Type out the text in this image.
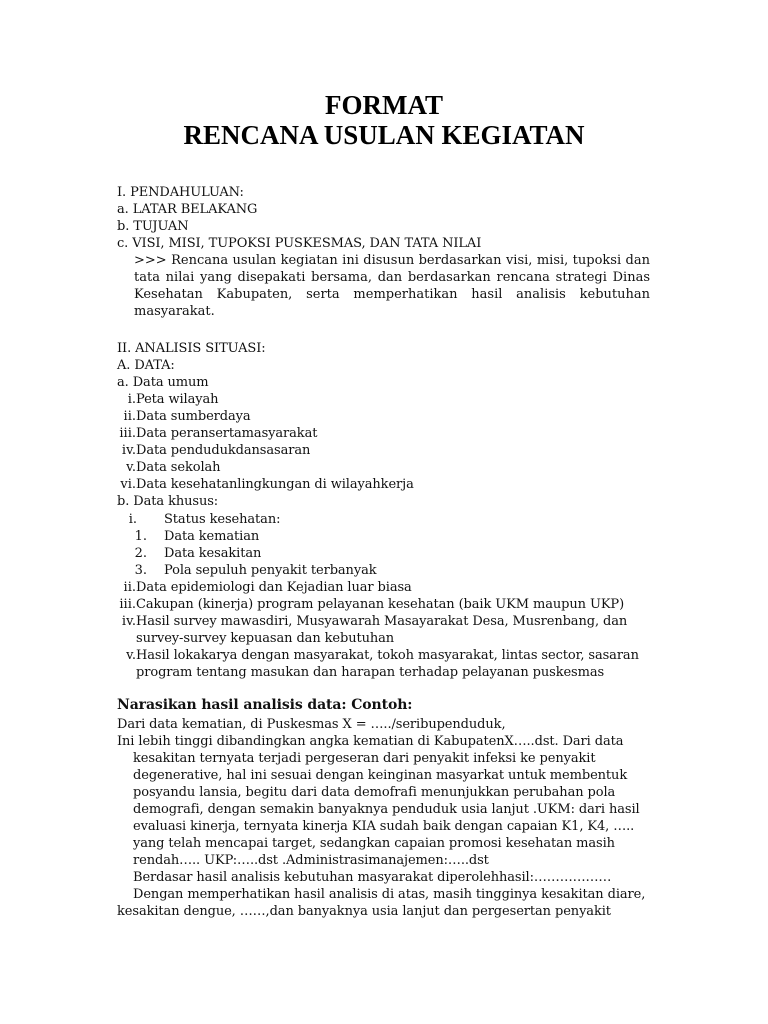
FORMAT
RENCANA USULAN KEGIATAN
I. PENDAHULUAN:
a. LATAR BELAKANG
b. TUJUAN
c. VISI, MISI, TUPOKSI PUSKESMAS, DAN TATA NILAI
>>> Rencana usulan kegiatan ini disusun berdasarkan visi, misi, tupoksi dan
tata nilai yang disepakati bersama, dan berdasarkan rencana strategi Dinas
Kesehatan Kabupaten, serta memperhatikan hasil analisis kebutuhan
masyarakat.
II. ANALISIS SITUASI:
A. DATA:
a. Data umum
i. Peta wilayah
ii. Data sumberdaya
iii. Data peransertamasyarakat
iv. Data pendudukdansasaran
v. Data sekolah
vi. Data kesehatanlingkungan di wilayahkerja
b. Data khusus:
i. Status kesehatan:
1. Data kematian
2. Data kesakitan
3. Pola sepuluh penyakit terbanyak
ii. Data epidemiologi dan Kejadian luar biasa
iii. Cakupan (kinerja) program pelayanan kesehatan (baik UKM maupun UKP)
iv. Hasil survey mawasdiri, Musyawarah Masayarakat Desa, Musrenbang, dan
survey-survey kepuasan dan kebutuhan
v. Hasil lokakarya dengan masyarakat, tokoh masyarakat, lintas sector, sasaran
program tentang masukan dan harapan terhadap pelayanan puskesmas
Narasikan hasil analisis data: Contoh:
Dari data kematian, di Puskesmas X = …../seribupenduduk,
Ini lebih tinggi dibandingkan angka kematian di KabupatenX…..dst. Dari data
kesakitan ternyata terjadi pergeseran dari penyakit infeksi ke penyakit
degenerative, hal ini sesuai dengan keinginan masyarkat untuk membentuk
posyandu lansia, begitu dari data demofrafi menunjukkan perubahan pola
demografi, dengan semakin banyaknya penduduk usia lanjut .UKM: dari hasil
evaluasi kinerja, ternyata kinerja KIA sudah baik dengan capaian K1, K4, …..
yang telah mencapai target, sedangkan capaian promosi kesehatan masih
rendah….. UKP:…..dst .Administrasimanajemen:…..dst
Berdasar hasil analisis kebutuhan masyarakat diperolehhasil:………………
Dengan memperhatikan hasil analisis di atas, masih tingginya kesakitan diare,
kesakitan dengue, ……,dan banyaknya usia lanjut dan pergesertan penyakit
